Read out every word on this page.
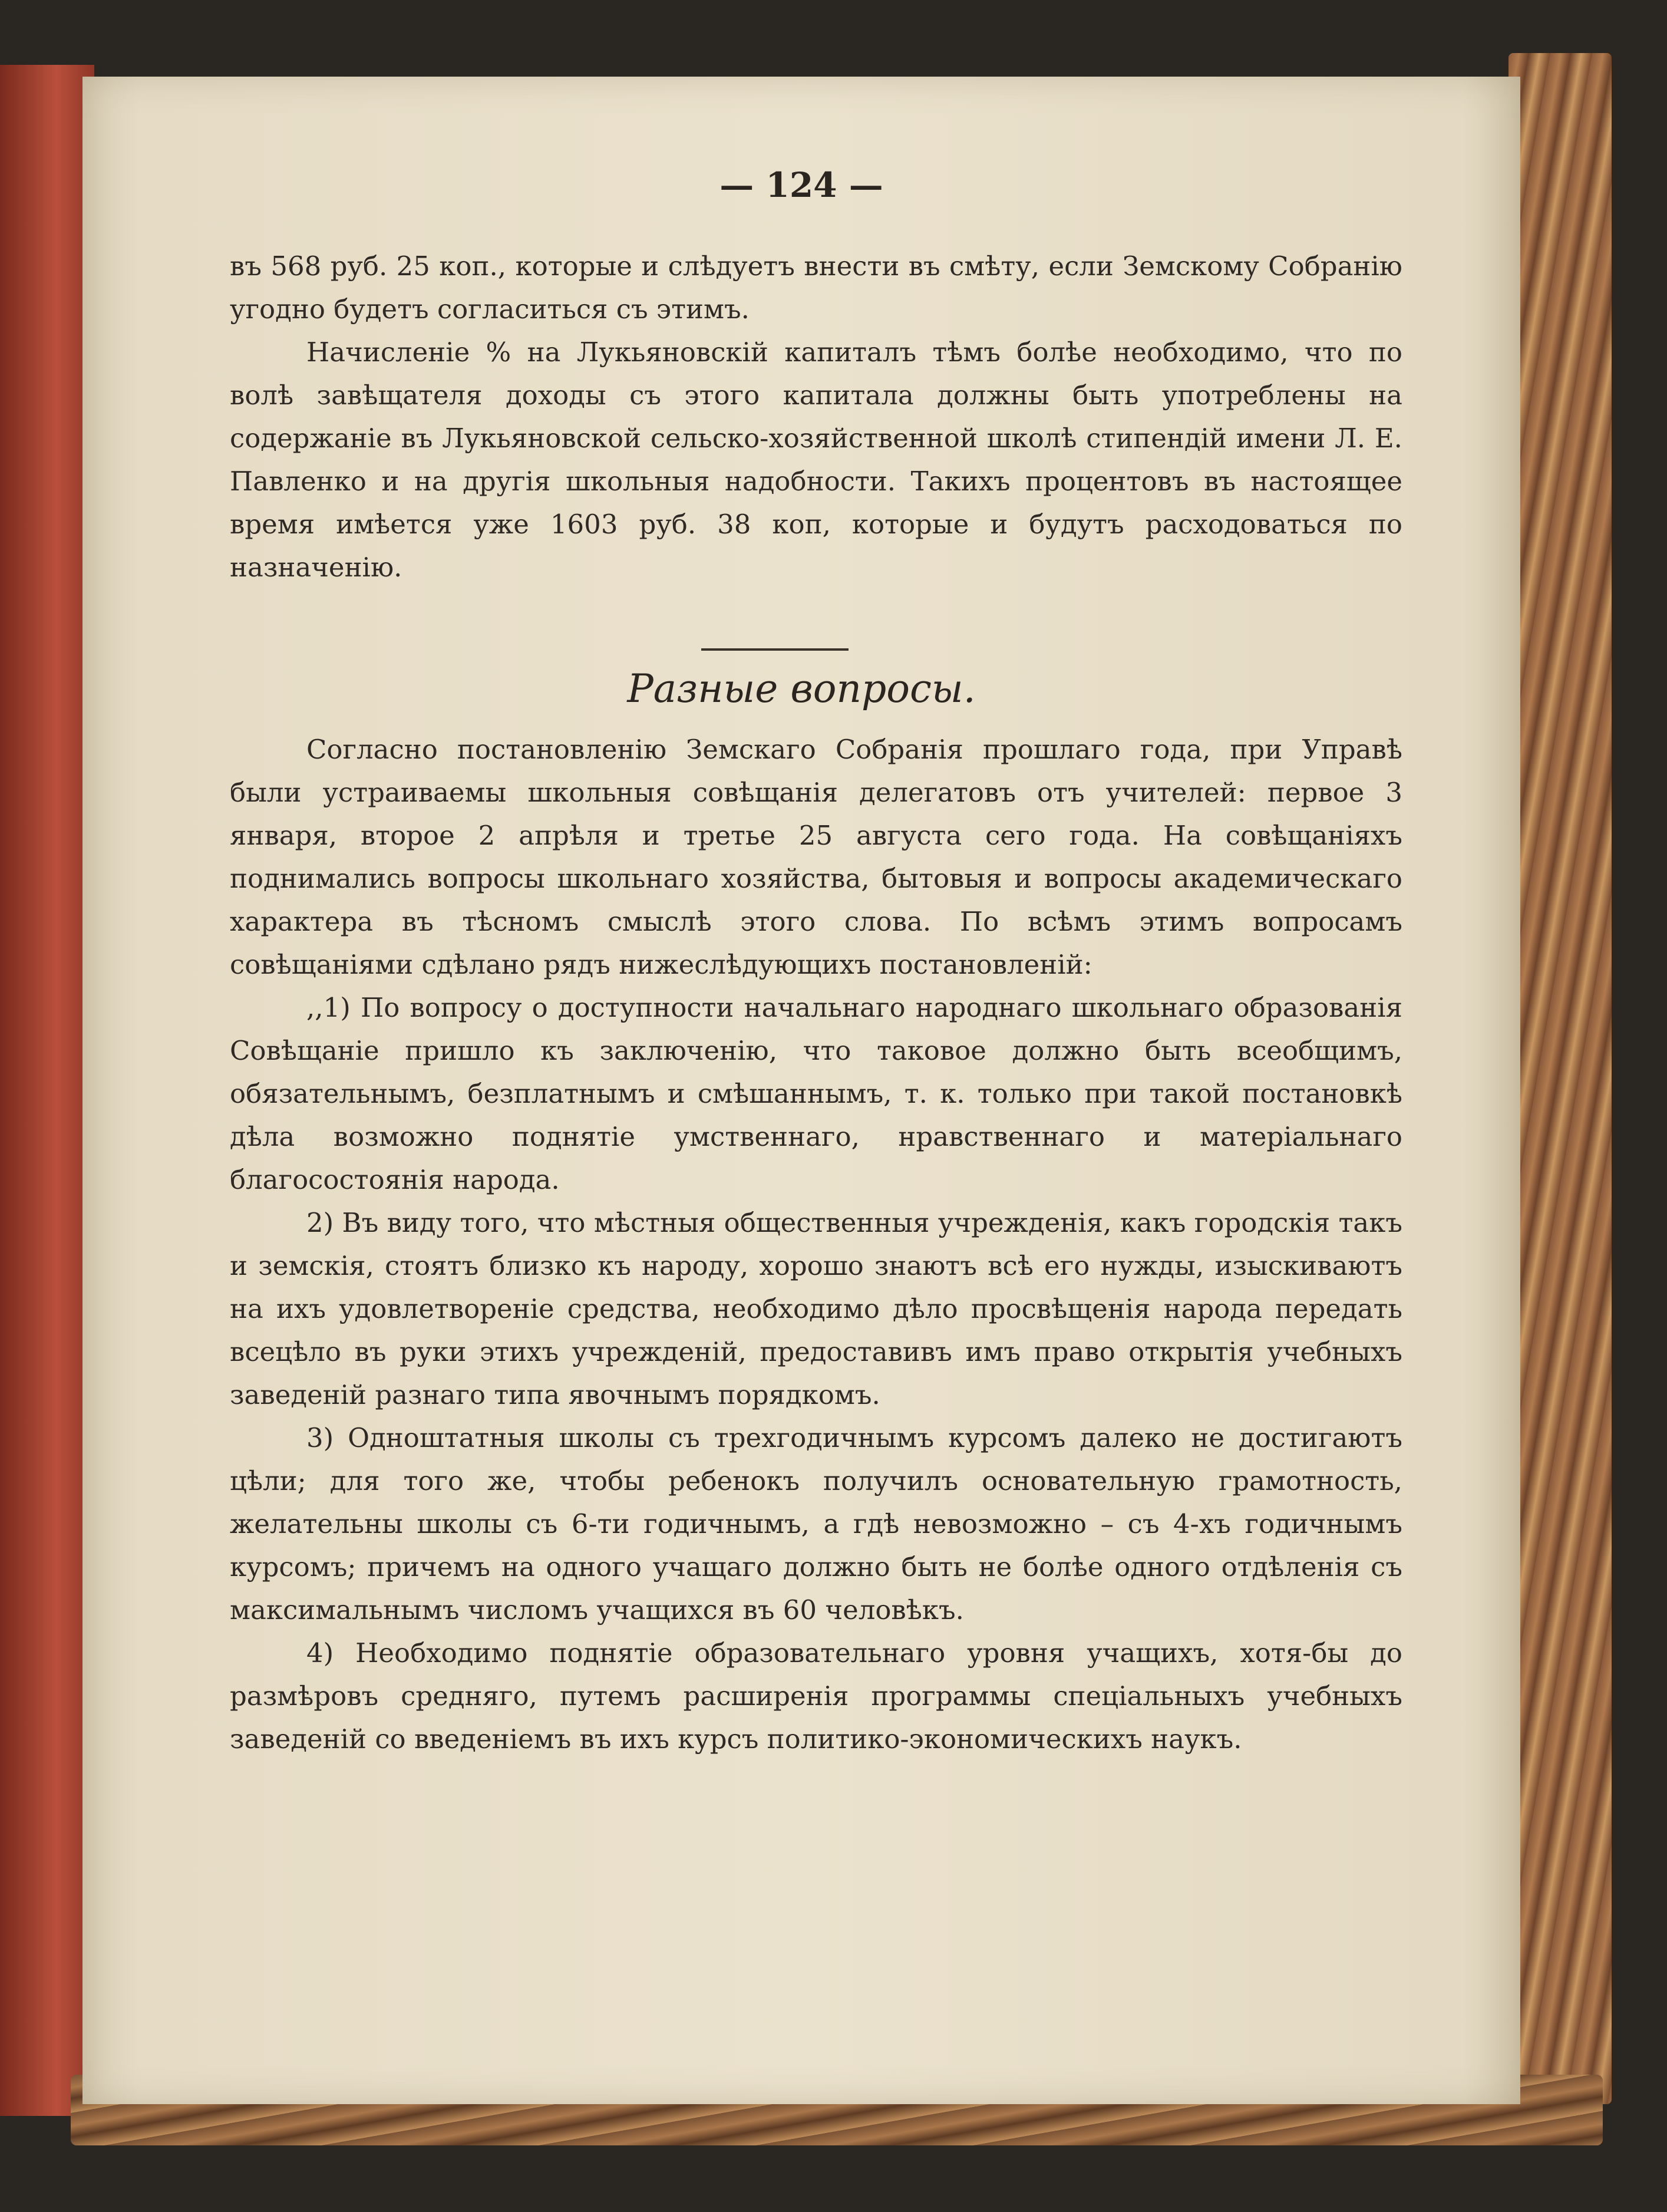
— 124 —

въ 568 руб. 25 коп., которые и слѣдуетъ внести въ смѣту, если Земскому Собранію угодно будетъ согласиться съ этимъ.

Начисленіе % на Лукьяновскій капиталъ тѣмъ болѣе необходимо, что по волѣ завѣщателя доходы съ этого капитала должны быть употреблены на содержаніе въ Лукьяновской сельско-хозяйственной школѣ стипендій имени Л. Е. Павленко и на другія школьныя надобности. Такихъ процентовъ въ настоящее время имѣется уже 1603 руб. 38 коп, которые и будутъ расходоваться по назначенію.

Разные вопросы.

Согласно постановленію Земскаго Собранія прошлаго года, при Управѣ были устраиваемы школьныя совѣщанія делегатовъ отъ учителей: первое 3 января, второе 2 апрѣля и третье 25 августа сего года. На совѣщаніяхъ поднимались вопросы школьнаго хозяйства, бытовыя и вопросы академическаго характера въ тѣсномъ смыслѣ этого слова. По всѣмъ этимъ вопросамъ совѣщаніями сдѣлано рядъ нижеслѣдующихъ постановленій:

,,1) По вопросу о доступности начальнаго народнаго школьнаго образованія Совѣщаніе пришло къ заключенію, что таковое должно быть всеобщимъ, обязательнымъ, безплатнымъ и смѣшаннымъ, т. к. только при такой постановкѣ дѣла возможно поднятіе умственнаго, нравственнаго и матеріальнаго благосостоянія народа.

2) Въ виду того, что мѣстныя общественныя учрежденія, какъ городскія такъ и земскія, стоятъ близко къ народу, хорошо знаютъ всѣ его нужды, изыскиваютъ на ихъ удовлетвореніе средства, необходимо дѣло просвѣщенія народа передать всецѣло въ руки этихъ учрежденій, предоставивъ имъ право открытія учебныхъ заведеній разнаго типа явочнымъ порядкомъ.

3) Одноштатныя школы съ трехгодичнымъ курсомъ далеко не достигаютъ цѣли; для того же, чтобы ребенокъ получилъ основательную грамотность, желательны школы съ 6-ти годичнымъ, а гдѣ невозможно – съ 4-хъ годичнымъ курсомъ; причемъ на одного учащаго должно быть не болѣе одного отдѣленія съ максимальнымъ числомъ учащихся въ 60 человѣкъ.

4) Необходимо поднятіе образовательнаго уровня учащихъ, хотя-бы до размѣровъ средняго, путемъ расширенія программы спеціальныхъ учебныхъ заведеній со введеніемъ въ ихъ курсъ политико-экономическихъ наукъ.
